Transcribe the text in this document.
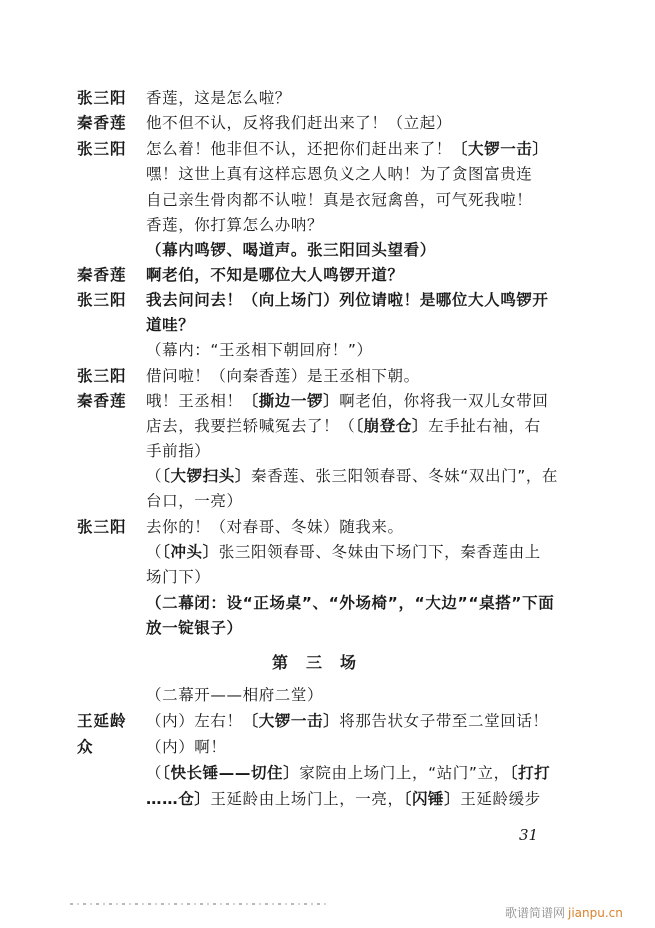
张三阳 香莲，这是怎么啦？
秦香莲 他不但不认，反将我们赶出来了！（立起）
张三阳 怎么着！他非但不认，还把你们赶出来了！〔大锣一击〕
嘿！这世上真有这样忘恩负义之人呐！为了贪图富贵连
自己亲生骨肉都不认啦！真是衣冠禽兽，可气死我啦！
香莲，你打算怎么办呐？
（幕内鸣锣、喝道声。张三阳回头望看）
秦香莲 啊老伯，不知是哪位大人鸣锣开道？
张三阳 我去问问去！（向上场门）列位请啦！是哪位大人鸣锣开
道哇？
（幕内：“王丞相下朝回府！”）
张三阳 借问啦！（向秦香莲）是王丞相下朝。
秦香莲 哦！王丞相！〔撕边一锣〕啊老伯，你将我一双儿女带回
店去，我要拦轿喊冤去了！（〔崩登仓〕左手扯右袖，右
手前指）
（〔大锣扫头〕秦香莲、张三阳领春哥、冬妹“双出门”，在
台口，一亮）
张三阳 去你的！（对春哥、冬妹）随我来。
（〔冲头〕张三阳领春哥、冬妹由下场门下，秦香莲由上
场门下）
（二幕闭：设“正场桌”、“外场椅”，“大边”“桌搭”下面
放一锭银子）
第三场
（二幕开——相府二堂）
王延龄 （内）左右！〔大锣一击〕将那告状女子带至二堂回话！
众	（内）啊！
（〔快长锤——切住〕家院由上场门上，“站门”立，〔打打
……仓〕王延龄由上场门上，一亮，〔闪锤〕王延龄缓步
31
歌谱简谱网 jianpu.cn
